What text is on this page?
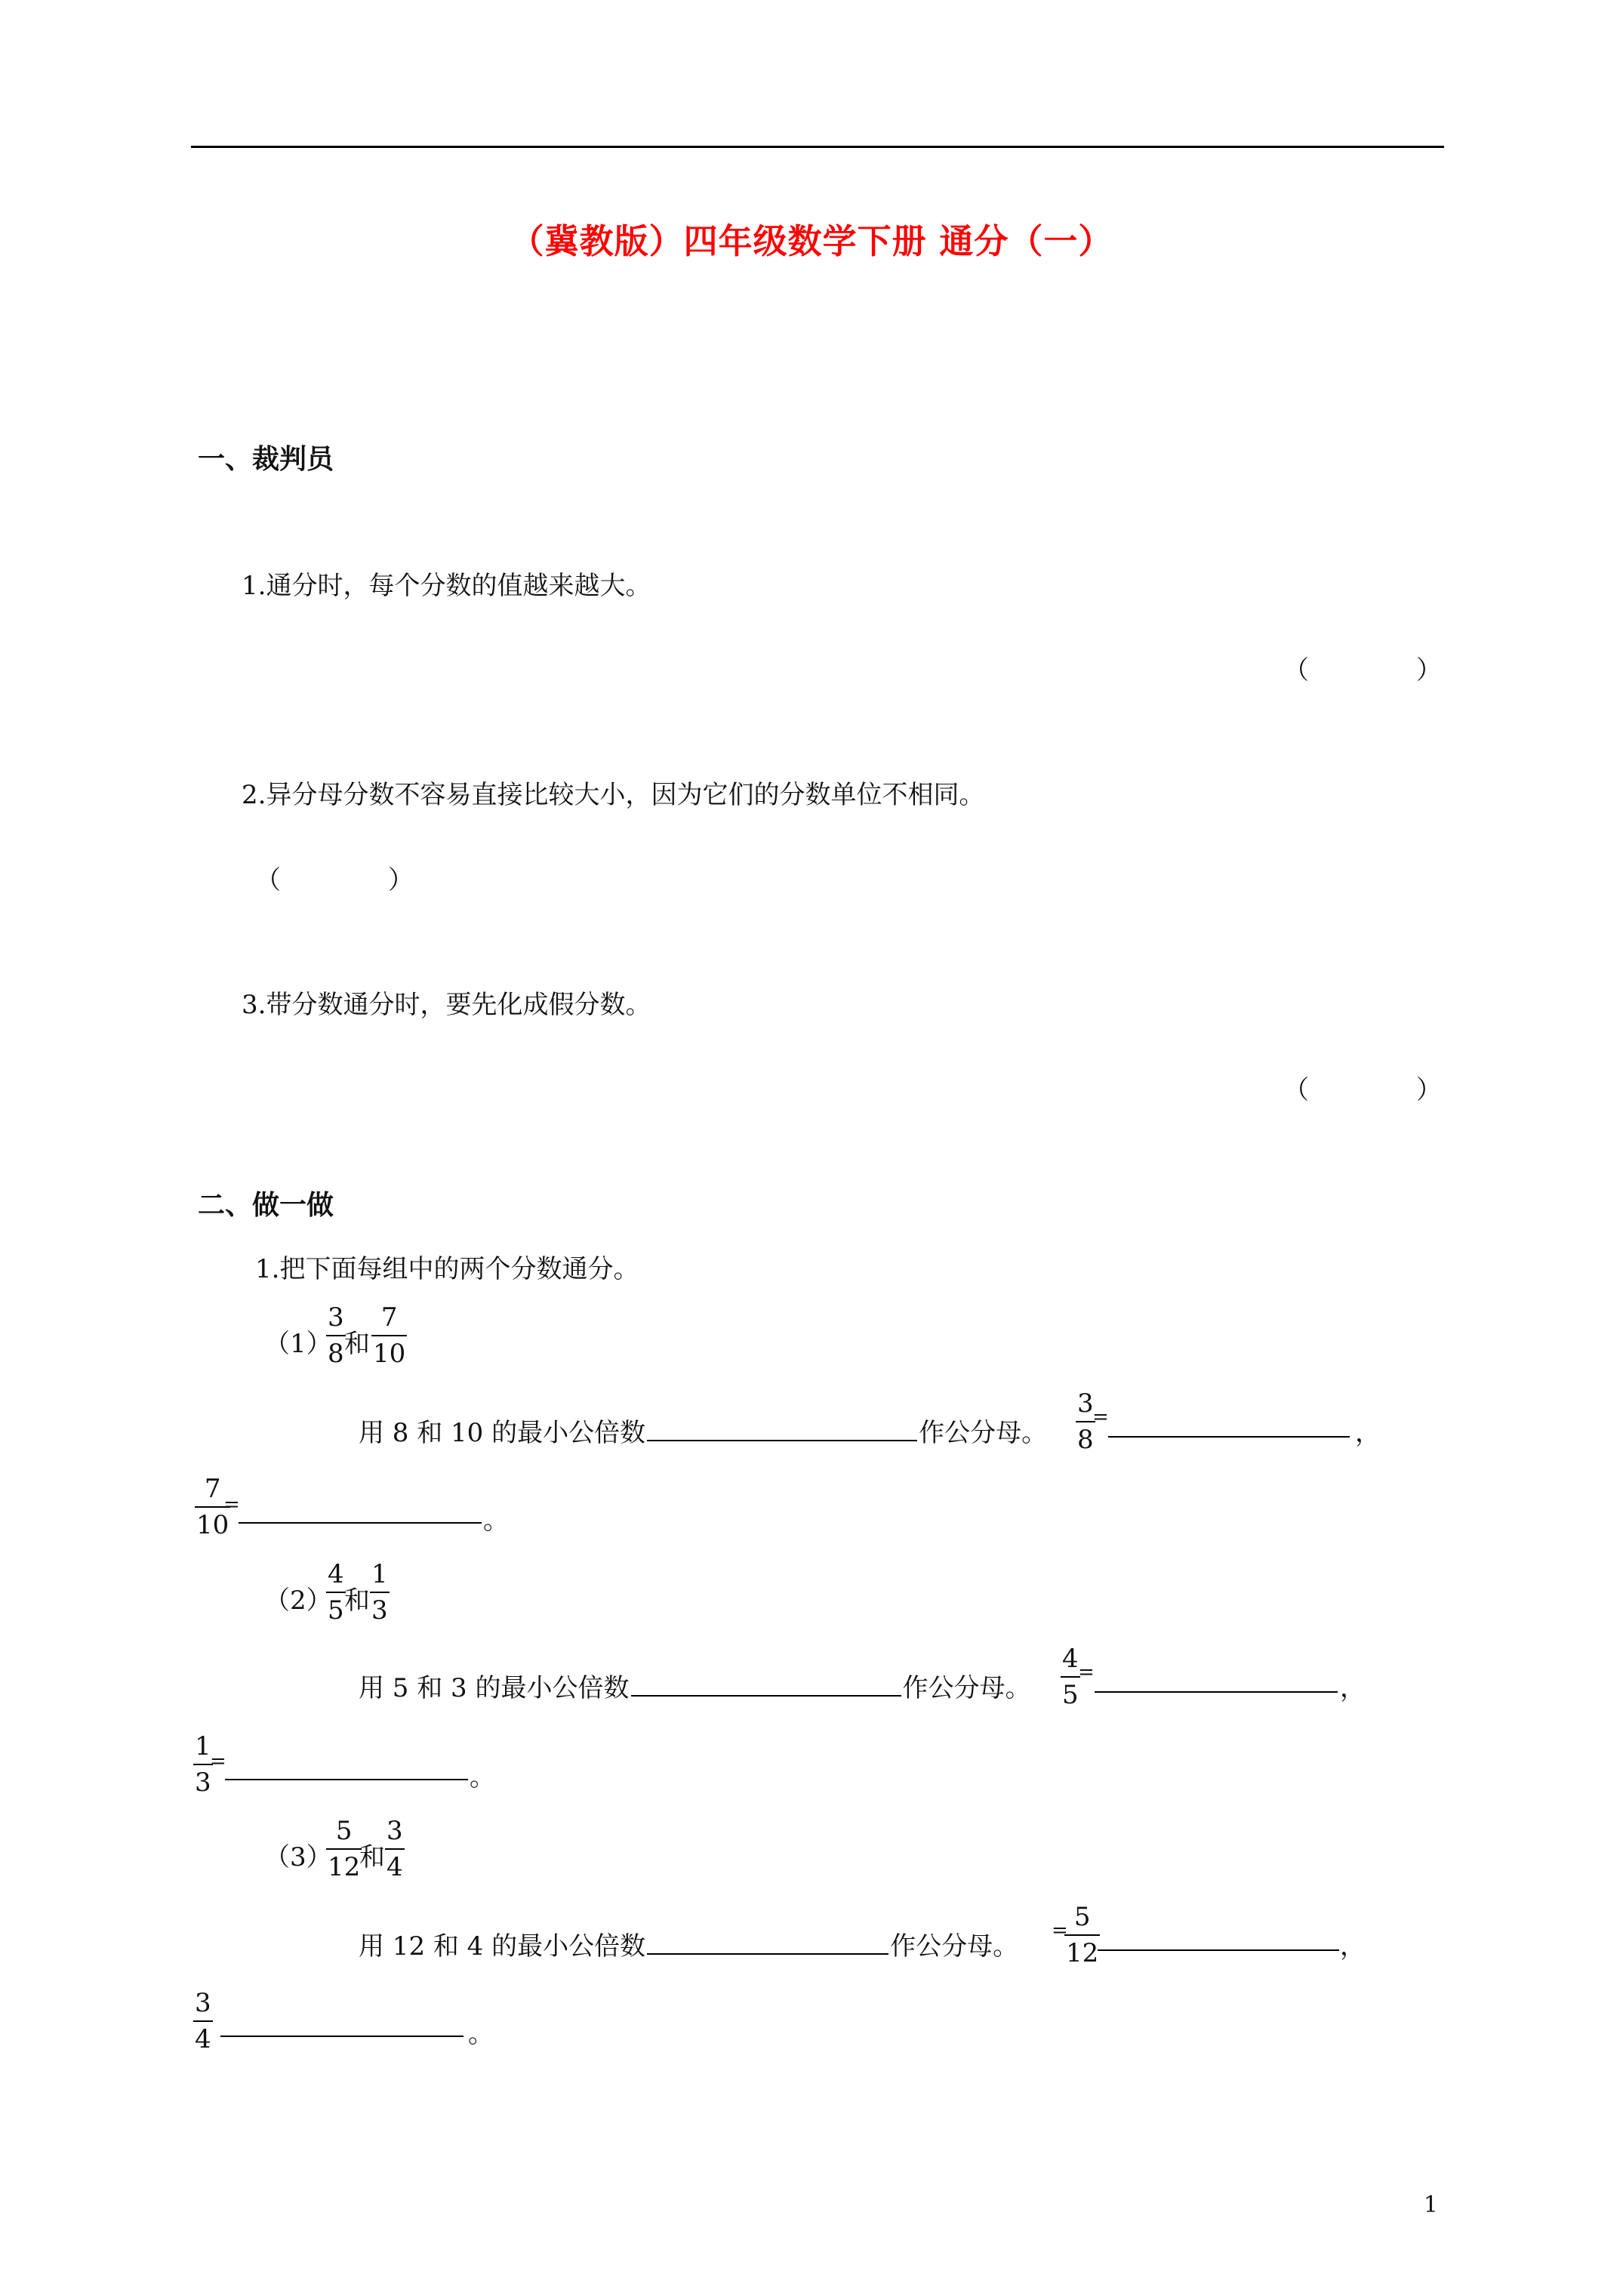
（冀教版）四年级数学下册 通分（一）
一、裁判员
1.通分时，每个分数的值越来越大。
（	）
2.异分母分数不容易直接比较大小，因为它们的分数单位不相同。
（	）
3.带分数通分时，要先化成假分数。
（	）
二、做一做
1.把下面每组中的两个分数通分。
（1）
3
8 和
7
10
用 8 和 10 的最小公倍数	作公分母。
3
8
=
，
7
10
=
。
（2）
4
5 和
1
3
用 5 和 3 的最小公倍数	作公分母。
4
5
=
，
1
3
=
。
（3）
5
12
和
3
4
用 12 和 4 的最小公倍数	作公分母。
= 5
12	，
3
4	。
1
